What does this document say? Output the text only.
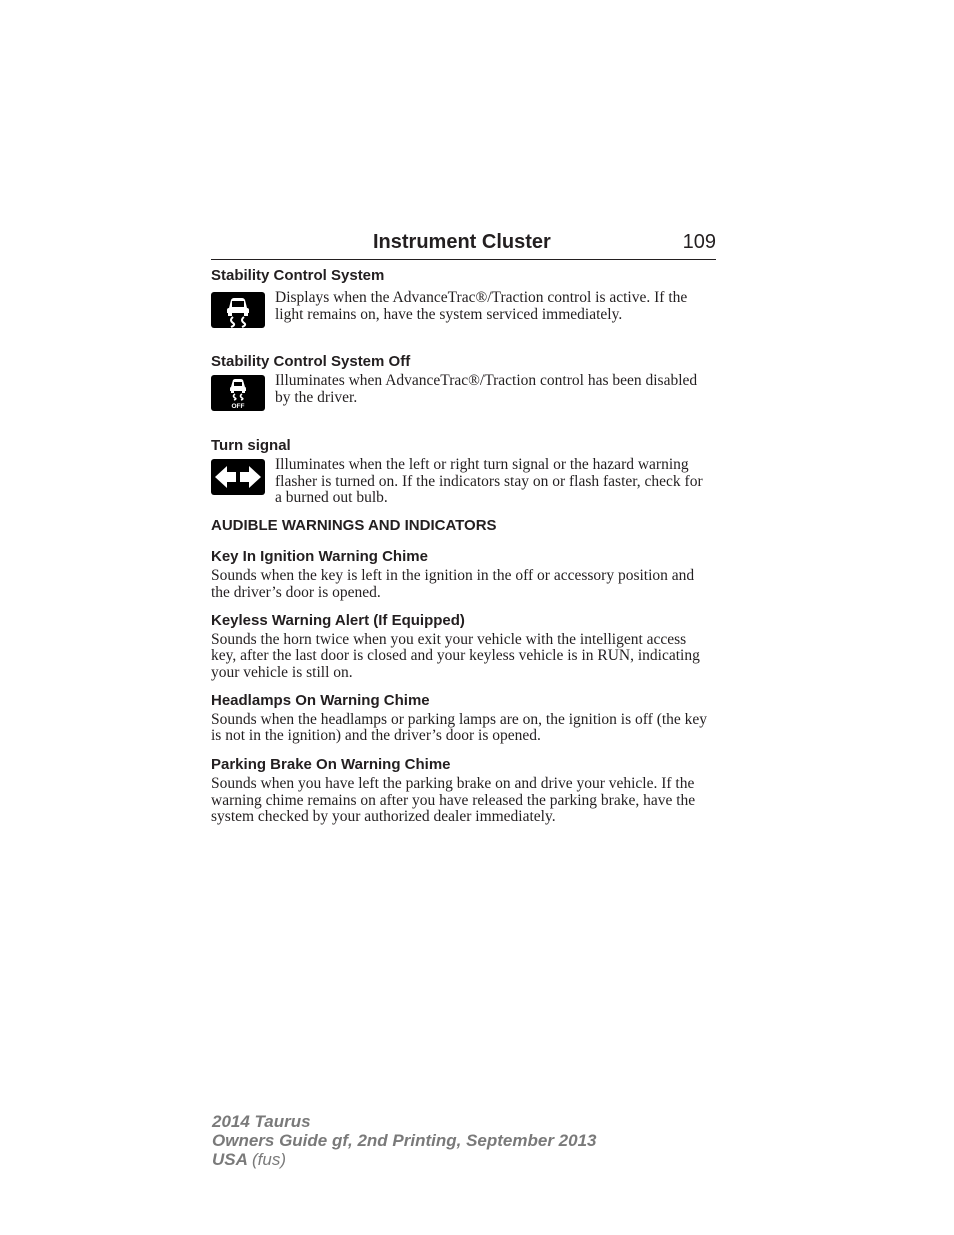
Instrument Cluster	109

Stability Control System

Displays when the AdvanceTrac®/Traction control is active. If the light remains on, have the system serviced immediately.

Stability Control System Off

OFF

Illuminates when AdvanceTrac®/Traction control has been disabled by the driver.

Turn signal

Illuminates when the left or right turn signal or the hazard warning flasher is turned on. If the indicators stay on or flash faster, check for a burned out bulb.

AUDIBLE WARNINGS AND INDICATORS

Key In Ignition Warning Chime

Sounds when the key is left in the ignition in the off or accessory position and the driver’s door is opened.

Keyless Warning Alert (If Equipped)

Sounds the horn twice when you exit your vehicle with the intelligent access key, after the last door is closed and your keyless vehicle is in RUN, indicating your vehicle is still on.

Headlamps On Warning Chime

Sounds when the headlamps or parking lamps are on, the ignition is off (the key is not in the ignition) and the driver’s door is opened.

Parking Brake On Warning Chime

Sounds when you have left the parking brake on and drive your vehicle. If the warning chime remains on after you have released the parking brake, have the system checked by your authorized dealer immediately.

2014 Taurus
Owners Guide gf, 2nd Printing, September 2013
USA (fus)
